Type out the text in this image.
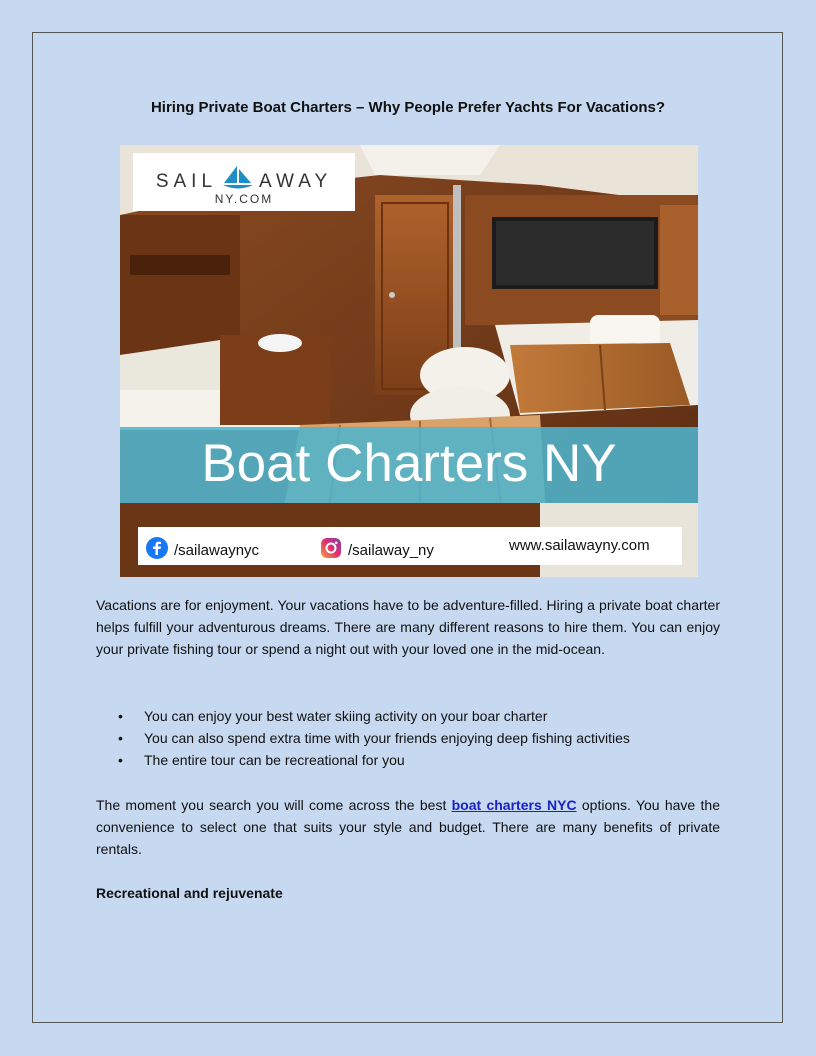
Hiring Private Boat Charters – Why People Prefer Yachts For Vacations?
SAIL AWAY
NY.COM
Boat Charters NY
/sailawaynyc	/sailaway_ny	www.sailawayny.com
Vacations are for enjoyment. Your vacations have to be adventure-filled. Hiring a private boat charter helps fulfill your adventurous dreams. There are many different reasons to hire them. You can enjoy your private fishing tour or spend a night out with your loved one in the mid-ocean.
• You can enjoy your best water skiing activity on your boar charter
• You can also spend extra time with your friends enjoying deep fishing activities
• The entire tour can be recreational for you
The moment you search you will come across the best boat charters NYC options. You have the convenience to select one that suits your style and budget. There are many benefits of private rentals.
Recreational and rejuvenate
